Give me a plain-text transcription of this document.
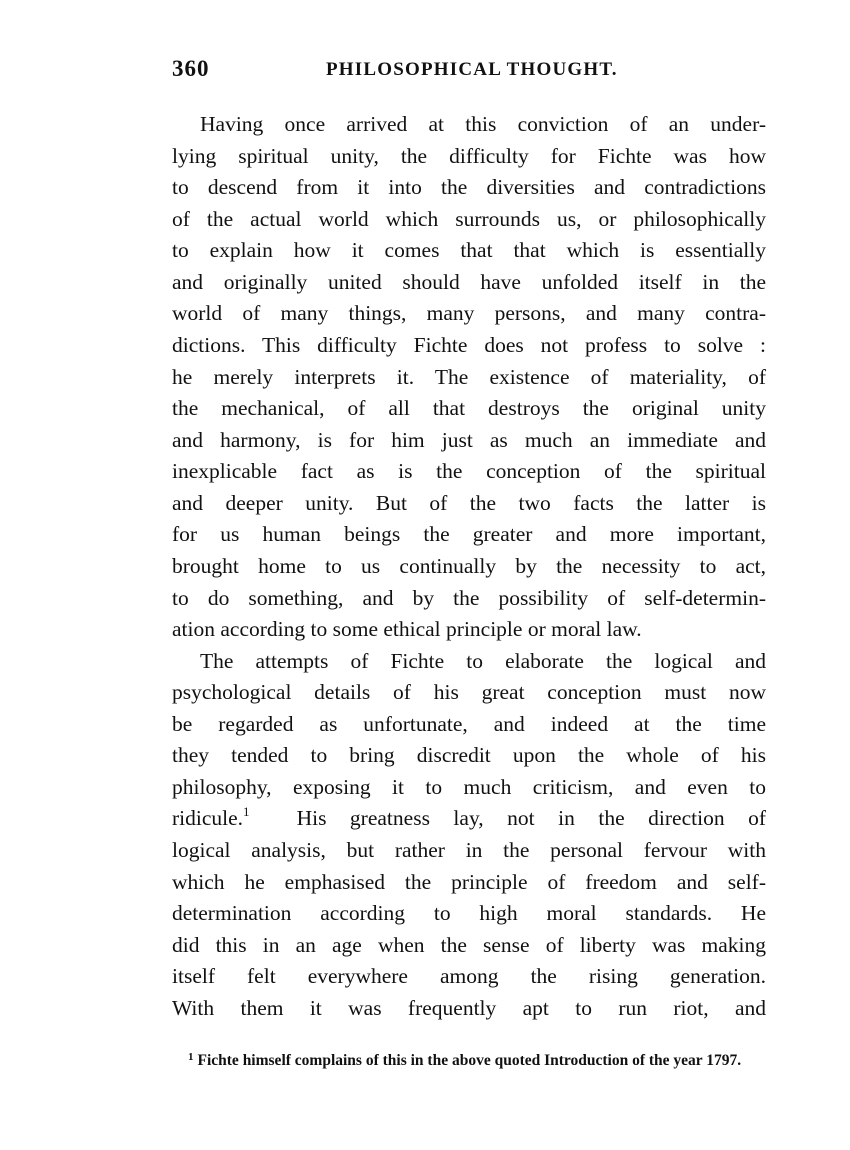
360	PHILOSOPHICAL THOUGHT.
Having once arrived at this conviction of an under-
lying spiritual unity, the difficulty for Fichte was how
to descend from it into the diversities and contradictions
of the actual world which surrounds us, or philosophically
to explain how it comes that that which is essentially
and originally united should have unfolded itself in the
world of many things, many persons, and many contra-
dictions. This difficulty Fichte does not profess to solve :
he merely interprets it. The existence of materiality, of
the mechanical, of all that destroys the original unity
and harmony, is for him just as much an immediate and
inexplicable fact as is the conception of the spiritual
and deeper unity. But of the two facts the latter is
for us human beings the greater and more important,
brought home to us continually by the necessity to act,
to do something, and by the possibility of self-determin-
ation according to some ethical principle or moral law.
The attempts of Fichte to elaborate the logical and
psychological details of his great conception must now
be regarded as unfortunate, and indeed at the time
they tended to bring discredit upon the whole of his
philosophy, exposing it to much criticism, and even to
ridicule.$^1$ His greatness lay, not in the direction of
logical analysis, but rather in the personal fervour with
which he emphasised the principle of freedom and self-
determination according to high moral standards. He
did this in an age when the sense of liberty was making
itself felt everywhere among the rising generation.
With them it was frequently apt to run riot, and
$^1$ Fichte himself complains of this in the above quoted Introduction of the year 1797.
